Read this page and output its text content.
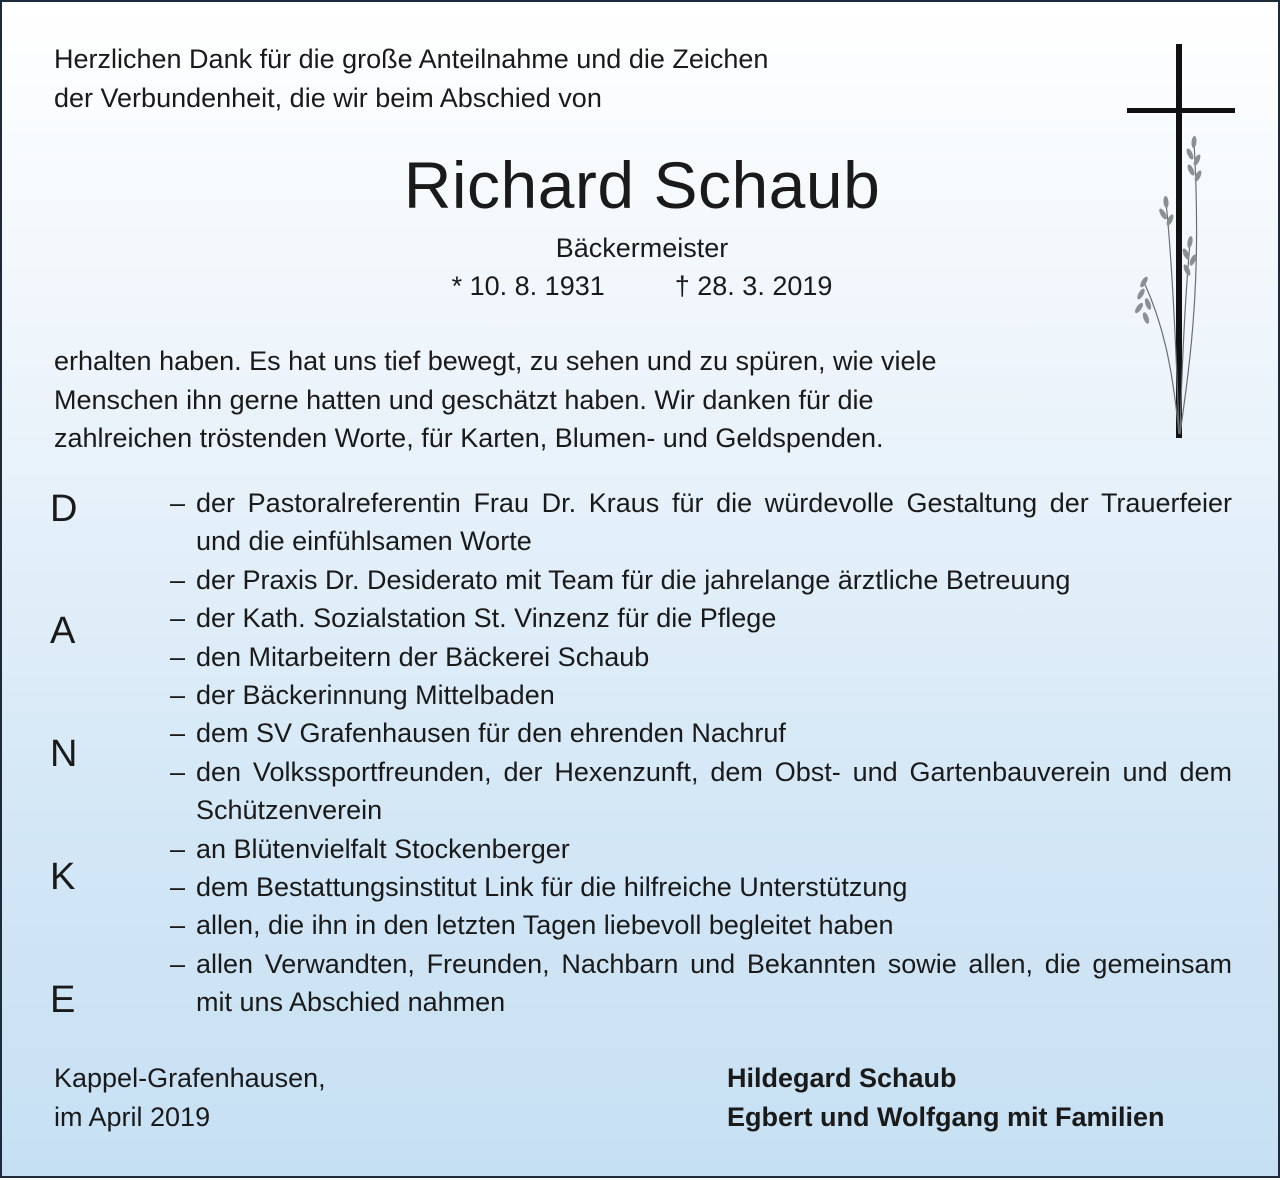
Herzlichen Dank für die große Anteilnahme und die Zeichen
der Verbundenheit, die wir beim Abschied von
Richard Schaub
Bäckermeister
* 10. 8. 1931	† 28. 3. 2019
erhalten haben. Es hat uns tief bewegt, zu sehen und zu spüren, wie viele
Menschen ihn gerne hatten und geschätzt haben. Wir danken für die
zahlreichen tröstenden Worte, für Karten, Blumen- und Geldspenden.
D
A
N
K
E
– der Pastoralreferentin Frau Dr. Kraus für die würdevolle Gestaltung der Trauerfeier und die einfühlsamen Worte
– der Praxis Dr. Desiderato mit Team für die jahrelange ärztliche Betreuung
– der Kath. Sozialstation St. Vinzenz für die Pflege
– den Mitarbeitern der Bäckerei Schaub
– der Bäckerinnung Mittelbaden
– dem SV Grafenhausen für den ehrenden Nachruf
– den Volkssportfreunden, der Hexenzunft, dem Obst- und Gartenbauverein und dem Schützenverein
– an Blütenvielfalt Stockenberger
– dem Bestattungsinstitut Link für die hilfreiche Unterstützung
– allen, die ihn in den letzten Tagen liebevoll begleitet haben
– allen Verwandten, Freunden, Nachbarn und Bekannten sowie allen, die gemeinsam mit uns Abschied nahmen
Kappel-Grafenhausen,
im April 2019
Hildegard Schaub
Egbert und Wolfgang mit Familien
